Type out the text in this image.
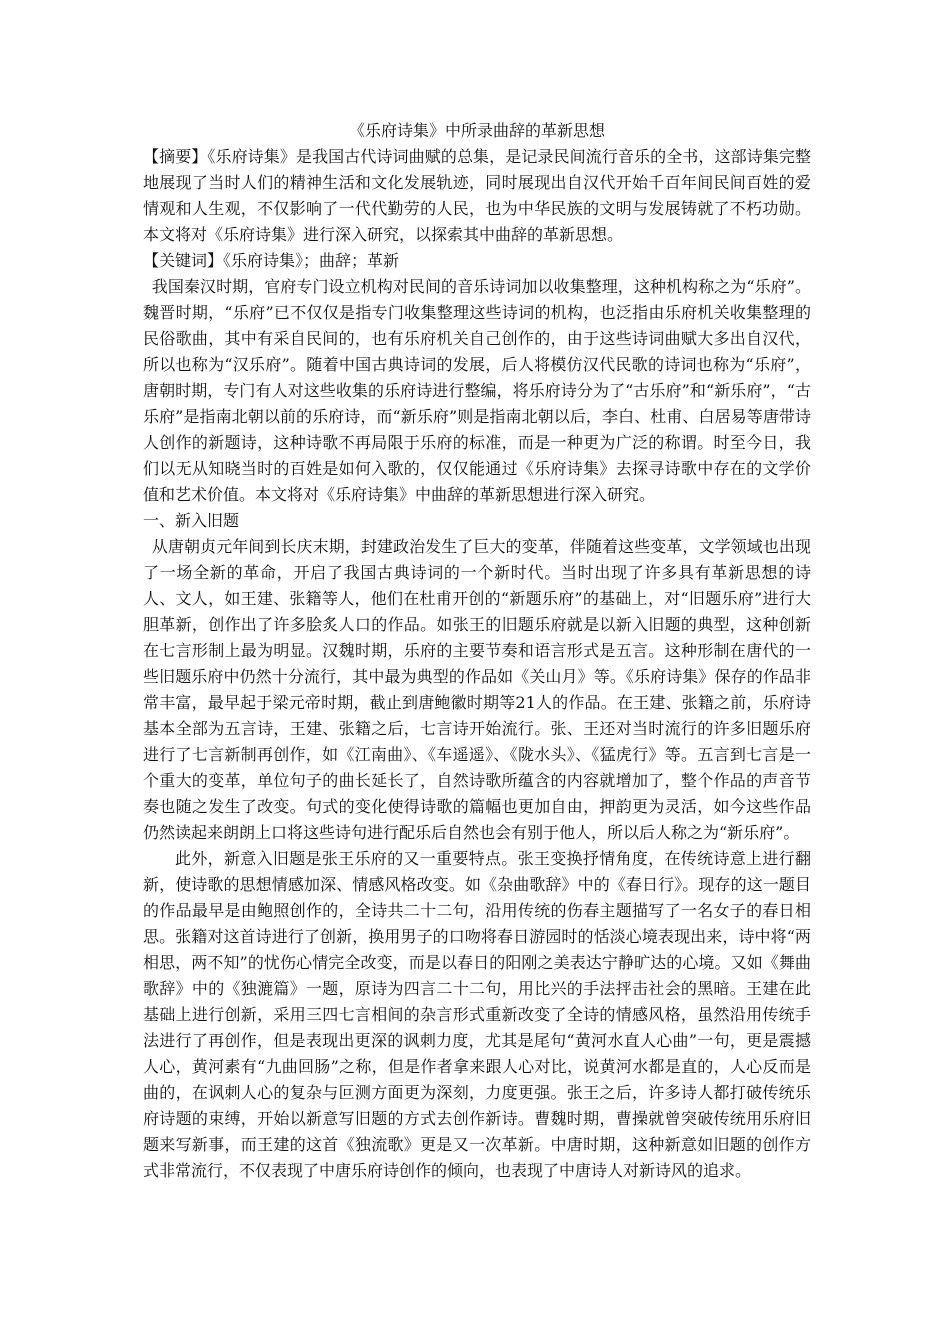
《乐府诗集》中所录曲辞的革新思想

【摘要】《乐府诗集》是我国古代诗词曲赋的总集，是记录民间流行音乐的全书，这部诗集完整地展现了当时人们的精神生活和文化发展轨迹，同时展现出自汉代开始千百年间民间百姓的爱情观和人生观，不仅影响了一代代勤劳的人民，也为中华民族的文明与发展铸就了不朽功勋。本文将对《乐府诗集》进行深入研究，以探索其中曲辞的革新思想。

【关键词】《乐府诗集》；曲辞；革新

我国秦汉时期，官府专门设立机构对民间的音乐诗词加以收集整理，这种机构称之为“乐府”。魏晋时期，“乐府”已不仅仅是指专门收集整理这些诗词的机构，也泛指由乐府机关收集整理的民俗歌曲，其中有采自民间的，也有乐府机关自己创作的，由于这些诗词曲赋大多出自汉代，所以也称为“汉乐府”。随着中国古典诗词的发展，后人将模仿汉代民歌的诗词也称为“乐府”，唐朝时期，专门有人对这些收集的乐府诗进行整编，将乐府诗分为了“古乐府”和“新乐府”，“古乐府”是指南北朝以前的乐府诗，而“新乐府”则是指南北朝以后，李白、杜甫、白居易等唐带诗人创作的新题诗，这种诗歌不再局限于乐府的标准，而是一种更为广泛的称谓。时至今日，我们以无从知晓当时的百姓是如何入歌的，仅仅能通过《乐府诗集》去探寻诗歌中存在的文学价值和艺术价值。本文将对《乐府诗集》中曲辞的革新思想进行深入研究。

一、新入旧题

从唐朝贞元年间到长庆末期，封建政治发生了巨大的变革，伴随着这些变革，文学领域也出现了一场全新的革命，开启了我国古典诗词的一个新时代。当时出现了许多具有革新思想的诗人、文人，如王建、张籍等人，他们在杜甫开创的“新题乐府”的基础上，对“旧题乐府”进行大胆革新，创作出了许多脍炙人口的作品。如张王的旧题乐府就是以新入旧题的典型，这种创新在七言形制上最为明显。汉魏时期，乐府的主要节奏和语言形式是五言。这种形制在唐代的一些旧题乐府中仍然十分流行，其中最为典型的作品如《关山月》等。《乐府诗集》保存的作品非常丰富，最早起于梁元帝时期，截止到唐鲍徽时期等21人的作品。在王建、张籍之前，乐府诗基本全部为五言诗，王建、张籍之后，七言诗开始流行。张、王还对当时流行的许多旧题乐府进行了七言新制再创作，如《江南曲》、《车遥遥》、《陇水头》、《猛虎行》等。五言到七言是一个重大的变革，单位句子的曲长延长了，自然诗歌所蕴含的内容就增加了，整个作品的声音节奏也随之发生了改变。句式的变化使得诗歌的篇幅也更加自由，押韵更为灵活，如今这些作品仍然读起来朗朗上口将这些诗句进行配乐后自然也会有别于他人，所以后人称之为“新乐府”。

此外，新意入旧题是张王乐府的又一重要特点。张王变换抒情角度，在传统诗意上进行翻新，使诗歌的思想情感加深、情感风格改变。如《杂曲歌辞》中的《春日行》。现存的这一题目的作品最早是由鲍照创作的，全诗共二十二句，沿用传统的伤春主题描写了一名女子的春日相思。张籍对这首诗进行了创新，换用男子的口吻将春日游园时的恬淡心境表现出来，诗中将“两相思，两不知”的忧伤心情完全改变，而是以春日的阳刚之美表达宁静旷达的心境。又如《舞曲歌辞》中的《独漉篇》一题，原诗为四言二十二句，用比兴的手法抨击社会的黑暗。王建在此基础上进行创新，采用三四七言相间的杂言形式重新改变了全诗的情感风格，虽然沿用传统手法进行了再创作，但是表现出更深的讽刺力度，尤其是尾句“黄河水直人心曲”一句，更是震撼人心，黄河素有“九曲回肠”之称，但是作者拿来跟人心对比，说黄河水都是直的，人心反而是曲的，在讽刺人心的复杂与叵测方面更为深刻，力度更强。张王之后，许多诗人都打破传统乐府诗题的束缚，开始以新意写旧题的方式去创作新诗。曹魏时期，曹操就曾突破传统用乐府旧题来写新事，而王建的这首《独流歌》更是又一次革新。中唐时期，这种新意如旧题的创作方式非常流行，不仅表现了中唐乐府诗创作的倾向，也表现了中唐诗人对新诗风的追求。
